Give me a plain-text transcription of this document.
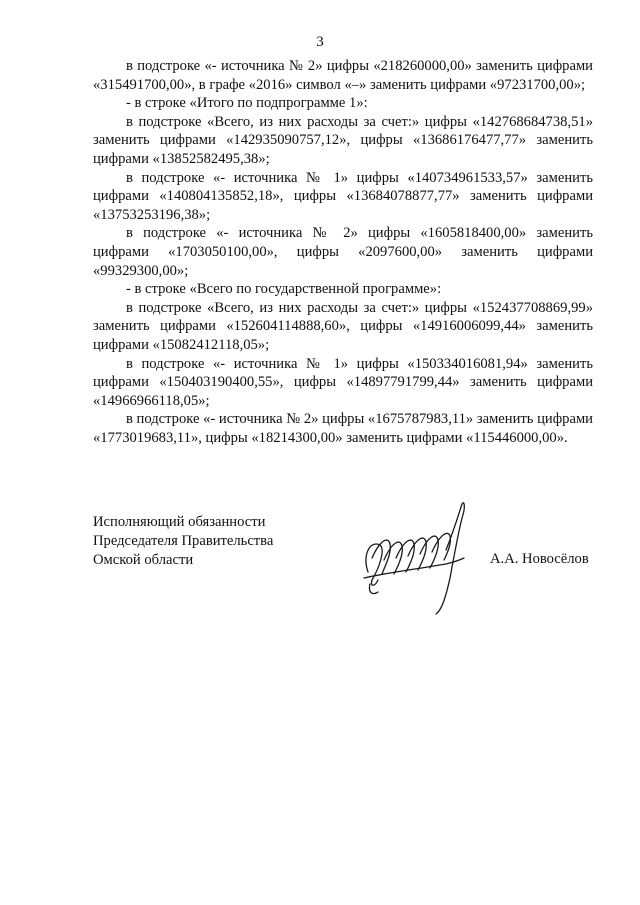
3

в подстроке «- источника № 2» цифры «218260000,00» заменить цифрами «315491700,00», в графе «2016» символ «–» заменить цифрами «97231700,00»;

- в строке «Итого по подпрограмме 1»:

в подстроке «Всего, из них расходы за счет:» цифры «142768684738,51» заменить цифрами «142935090757,12», цифры «13686176477,77» заменить цифрами «13852582495,38»;

в подстроке «- источника № 1» цифры «140734961533,57» заменить цифрами «140804135852,18», цифры «13684078877,77» заменить цифрами «13753253196,38»;

в подстроке «- источника № 2» цифры «1605818400,00» заменить цифрами «1703050100,00», цифры «2097600,00» заменить цифрами «99329300,00»;

- в строке «Всего по государственной программе»:

в подстроке «Всего, из них расходы за счет:» цифры «152437708869,99» заменить цифрами «152604114888,60», цифры «14916006099,44» заменить цифрами «15082412118,05»;

в подстроке «- источника № 1» цифры «150334016081,94» заменить цифрами «150403190400,55», цифры «14897791799,44» заменить цифрами «14966966118,05»;

в подстроке «- источника № 2» цифры «1675787983,11» заменить цифрами «1773019683,11», цифры «18214300,00» заменить цифрами «115446000,00».

Исполняющий обязанности
Председателя Правительства
Омской области	А.А. Новосёлов
